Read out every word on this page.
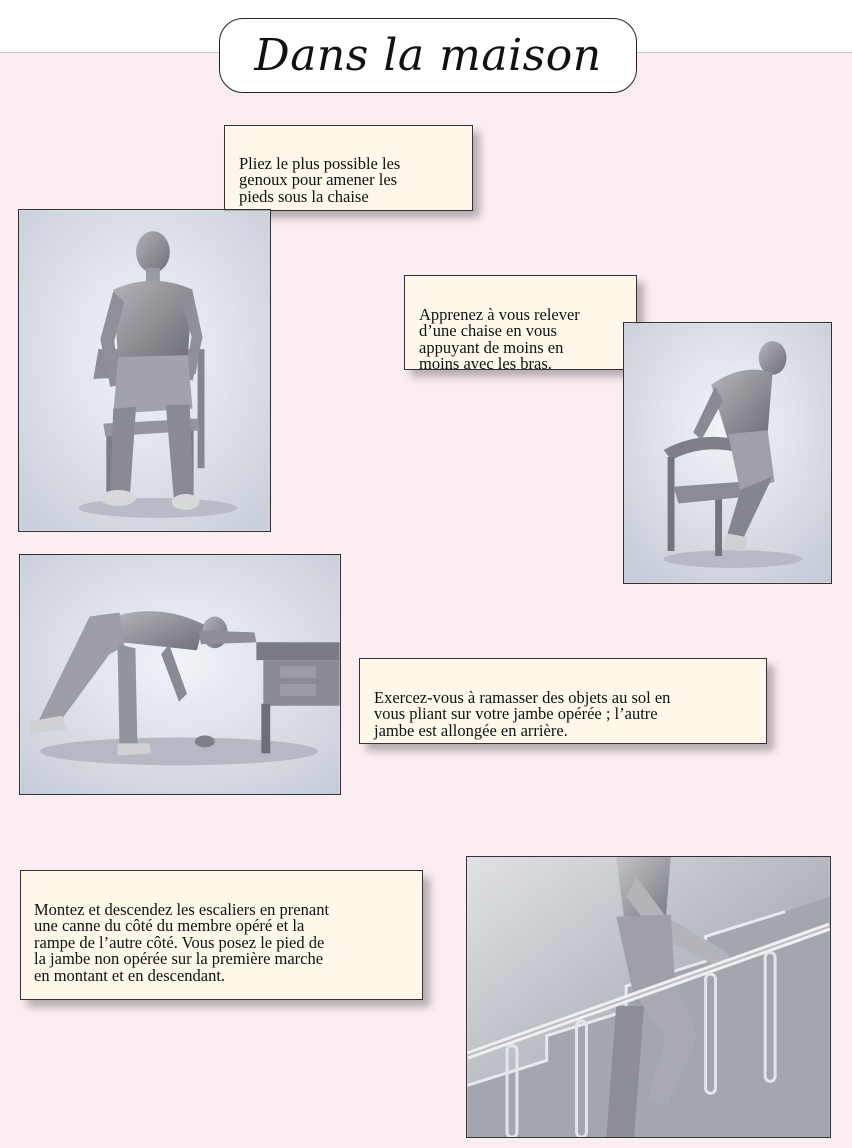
Dans la maison

Pliez le plus possible les
genoux pour amener les
pieds sous la chaise

Apprenez à vous relever
d’une chaise en vous
appuyant de moins en
moins avec les bras.

Exercez-vous à ramasser des objets au sol en
vous pliant sur votre jambe opérée ; l’autre
jambe est allongée en arrière.

Montez et descendez les escaliers en prenant
une canne du côté du membre opéré et la
rampe de l’autre côté. Vous posez le pied de
la jambe non opérée sur la première marche
en montant et en descendant.
